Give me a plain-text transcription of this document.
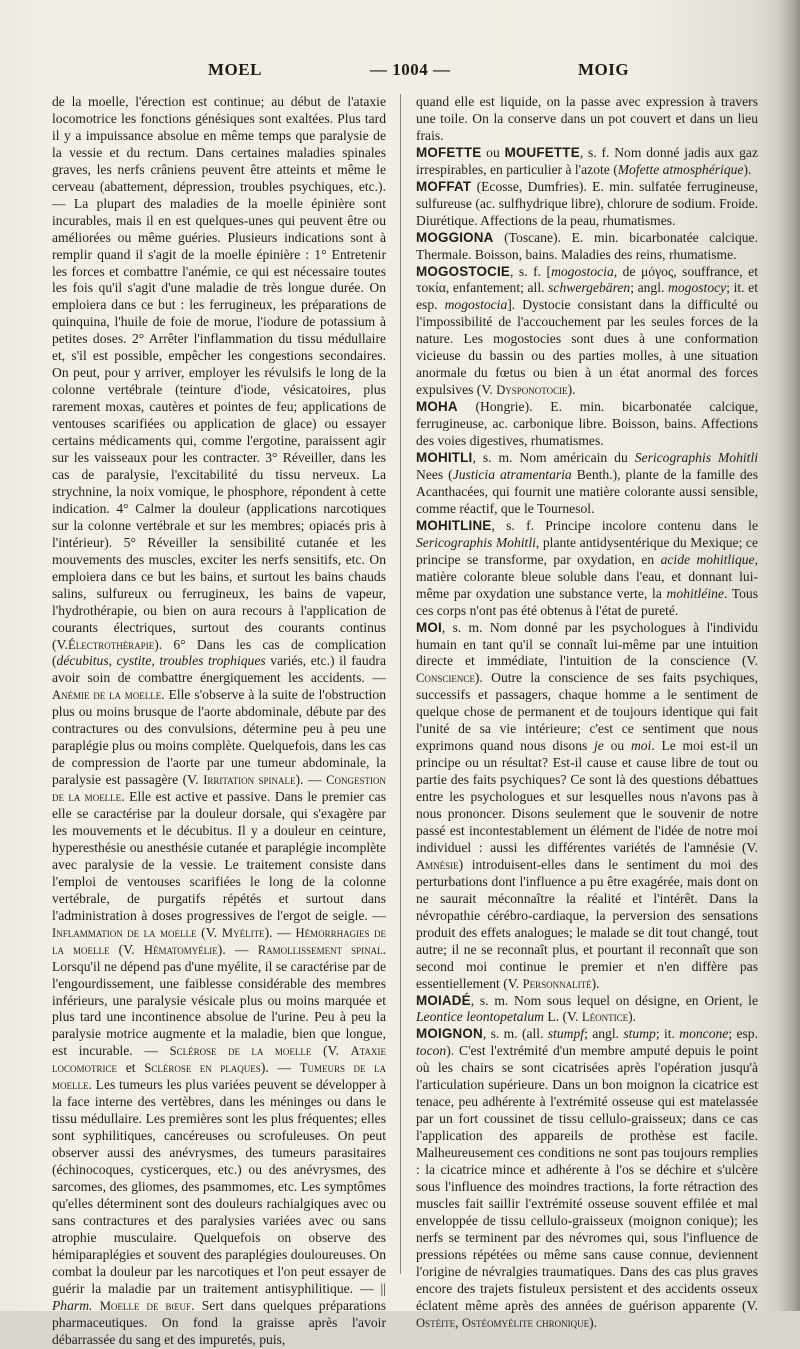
MOEL	— 1004 —	MOIG

de la moelle, l'érection est continue; au début de l'ataxie locomotrice les fonctions génésiques sont exaltées. Plus tard il y a impuissance absolue en même temps que paralysie de la vessie et du rectum. Dans certaines maladies spinales graves, les nerfs crâniens peuvent être atteints et même le cerveau (abattement, dépression, troubles psychiques, etc.). — La plupart des maladies de la moelle épinière sont incurables, mais il en est quelques-unes qui peuvent être ou améliorées ou même guéries. Plusieurs indications sont à remplir quand il s'agit de la moelle épinière : 1° Entretenir les forces et combattre l'anémie, ce qui est nécessaire toutes les fois qu'il s'agit d'une maladie de très longue durée. On emploiera dans ce but : les ferrugineux, les préparations de quinquina, l'huile de foie de morue, l'iodure de potassium à petites doses. 2° Arrêter l'inflammation du tissu médullaire et, s'il est possible, empêcher les congestions secondaires. On peut, pour y arriver, employer les révulsifs le long de la colonne vertébrale (teinture d'iode, vésicatoires, plus rarement moxas, cautères et pointes de feu; applications de ventouses scarifiées ou application de glace) ou essayer certains médicaments qui, comme l'ergotine, paraissent agir sur les vaisseaux pour les contracter. 3° Réveiller, dans les cas de paralysie, l'excitabilité du tissu nerveux. La strychnine, la noix vomique, le phosphore, répondent à cette indication. 4° Calmer la douleur (applications narcotiques sur la colonne vertébrale et sur les membres; opiacés pris à l'intérieur). 5° Réveiller la sensibilité cutanée et les mouvements des muscles, exciter les nerfs sensitifs, etc. On emploiera dans ce but les bains, et surtout les bains chauds salins, sulfureux ou ferrugineux, les bains de vapeur, l'hydrothérapie, ou bien on aura recours à l'application de courants électriques, surtout des courants continus (V.Électrothérapie). 6° Dans les cas de complication (décubitus, cystite, troubles trophiques variés, etc.) il faudra avoir soin de combattre énergiquement les accidents. — Anémie de la moelle. Elle s'observe à la suite de l'obstruction plus ou moins brusque de l'aorte abdominale, débute par des contractures ou des convulsions, détermine peu à peu une paraplégie plus ou moins complète. Quelquefois, dans les cas de compression de l'aorte par une tumeur abdominale, la paralysie est passagère (V. Irritation spinale). — Congestion de la moelle. Elle est active et passive. Dans le premier cas elle se caractérise par la douleur dorsale, qui s'exagère par les mouvements et le décubitus. Il y a douleur en ceinture, hyperesthésie ou anesthésie cutanée et paraplégie incomplète avec paralysie de la vessie. Le traitement consiste dans l'emploi de ventouses scarifiées le long de la colonne vertébrale, de purgatifs répétés et surtout dans l'administration à doses progressives de l'ergot de seigle. — Inflammation de la moelle (V. Myélite). — Hémorrhagies de la moelle (V. Hématomyélie). — Ramollissement spinal. Lorsqu'il ne dépend pas d'une myélite, il se caractérise par de l'engourdissement, une faiblesse considérable des membres inférieurs, une paralysie vésicale plus ou moins marquée et plus tard une incontinence absolue de l'urine. Peu à peu la paralysie motrice augmente et la maladie, bien que longue, est incurable. — Sclérose de la moelle (V. Ataxie locomotrice et Sclérose en plaques). — Tumeurs de la moelle. Les tumeurs les plus variées peuvent se développer à la face interne des vertèbres, dans les méninges ou dans le tissu médullaire. Les premières sont les plus fréquentes; elles sont syphilitiques, cancéreuses ou scrofuleuses. On peut observer aussi des anévrysmes, des tumeurs parasitaires (échinocoques, cysticerques, etc.) ou des anévrysmes, des sarcomes, des gliomes, des psammomes, etc. Les symptômes qu'elles déterminent sont des douleurs rachialgiques avec ou sans contractures et des paralysies variées avec ou sans atrophie musculaire. Quelquefois on observe des hémiparaplégies et souvent des paraplégies douloureuses. On combat la douleur par les narcotiques et l'on peut essayer de guérir la maladie par un traitement antisyphilitique. — || Pharm. Moelle de bœuf. Sert dans quelques préparations pharmaceutiques. On fond la graisse après l'avoir débarrassée du sang et des impuretés, puis,

quand elle est liquide, on la passe avec expression à travers une toile. On la conserve dans un pot couvert et dans un lieu frais.

MOFETTE ou MOUFETTE, s. f. Nom donné jadis aux gaz irrespirables, en particulier à l'azote (Mofette atmosphérique).

MOFFAT (Ecosse, Dumfries). E. min. sulfatée ferrugineuse, sulfureuse (ac. sulfhydrique libre), chlorure de sodium. Froide. Diurétique. Affections de la peau, rhumatismes.

MOGGIONA (Toscane). E. min. bicarbonatée calcique. Thermale. Boisson, bains. Maladies des reins, rhumatisme.

MOGOSTOCIE, s. f. [mogostocia, de μόγος, souffrance, et τοκία, enfantement; all. schwergebären; angl. mogostocy; it. et esp. mogostocia]. Dystocie consistant dans la difficulté ou l'impossibilité de l'accouchement par les seules forces de la nature. Les mogostocies sont dues à une conformation vicieuse du bassin ou des parties molles, à une situation anormale du fœtus ou bien à un état anormal des forces expulsives (V. Dysponotocie).

MOHA (Hongrie). E. min. bicarbonatée calcique, ferrugineuse, ac. carbonique libre. Boisson, bains. Affections des voies digestives, rhumatismes.

MOHITLI, s. m. Nom américain du Sericographis Mohitli Nees (Justicia atramentaria Benth.), plante de la famille des Acanthacées, qui fournit une matière colorante aussi sensible, comme réactif, que le Tournesol.

MOHITLINE, s. f. Principe incolore contenu dans le Sericographis Mohitli, plante antidysentérique du Mexique; ce principe se transforme, par oxydation, en acide mohitlique, matière colorante bleue soluble dans l'eau, et donnant lui-même par oxydation une substance verte, la mohitléine. Tous ces corps n'ont pas été obtenus à l'état de pureté.

MOI, s. m. Nom donné par les psychologues à l'individu humain en tant qu'il se connaît lui-même par une intuition directe et immédiate, l'intuition de la conscience (V. Conscience). Outre la conscience de ses faits psychiques, successifs et passagers, chaque homme a le sentiment de quelque chose de permanent et de toujours identique qui fait l'unité de sa vie intérieure; c'est ce sentiment que nous exprimons quand nous disons je ou moi. Le moi est-il un principe ou un résultat? Est-il cause et cause libre de tout ou partie des faits psychiques? Ce sont là des questions débattues entre les psychologues et sur lesquelles nous n'avons pas à nous prononcer. Disons seulement que le souvenir de notre passé est incontestablement un élément de l'idée de notre moi individuel : aussi les différentes variétés de l'amnésie (V. Amnésie) introduisent-elles dans le sentiment du moi des perturbations dont l'influence a pu être exagérée, mais dont on ne saurait méconnaître la réalité et l'intérêt. Dans la névropathie cérébro-cardiaque, la perversion des sensations produit des effets analogues; le malade se dit tout changé, tout autre; il ne se reconnaît plus, et pourtant il reconnaît que son second moi continue le premier et n'en diffère pas essentiellement (V. Personnalité).

MOIADÉ, s. m. Nom sous lequel on désigne, en Orient, le Leontice leontopetalum L. (V. Léontice).

MOIGNON, s. m. (all. stumpf; angl. stump; it. moncone; esp. tocon). C'est l'extrémité d'un membre amputé depuis le point où les chairs se sont cicatrisées après l'opération jusqu'à l'articulation supérieure. Dans un bon moignon la cicatrice est tenace, peu adhérente à l'extrémité osseuse qui est matelassée par un fort coussinet de tissu cellulo-graisseux; dans ce cas l'application des appareils de prothèse est facile. Malheureusement ces conditions ne sont pas toujours remplies : la cicatrice mince et adhérente à l'os se déchire et s'ulcère sous l'influence des moindres tractions, la forte rétraction des muscles fait saillir l'extrémité osseuse souvent effilée et mal enveloppée de tissu cellulo-graisseux (moignon conique); les nerfs se terminent par des névromes qui, sous l'influence de pressions répétées ou même sans cause connue, deviennent l'origine de névralgies traumatiques. Dans des cas plus graves encore des trajets fistuleux persistent et des accidents osseux éclatent même après des années de guérison apparente (V. Ostéite, Ostéomyélite chronique).
